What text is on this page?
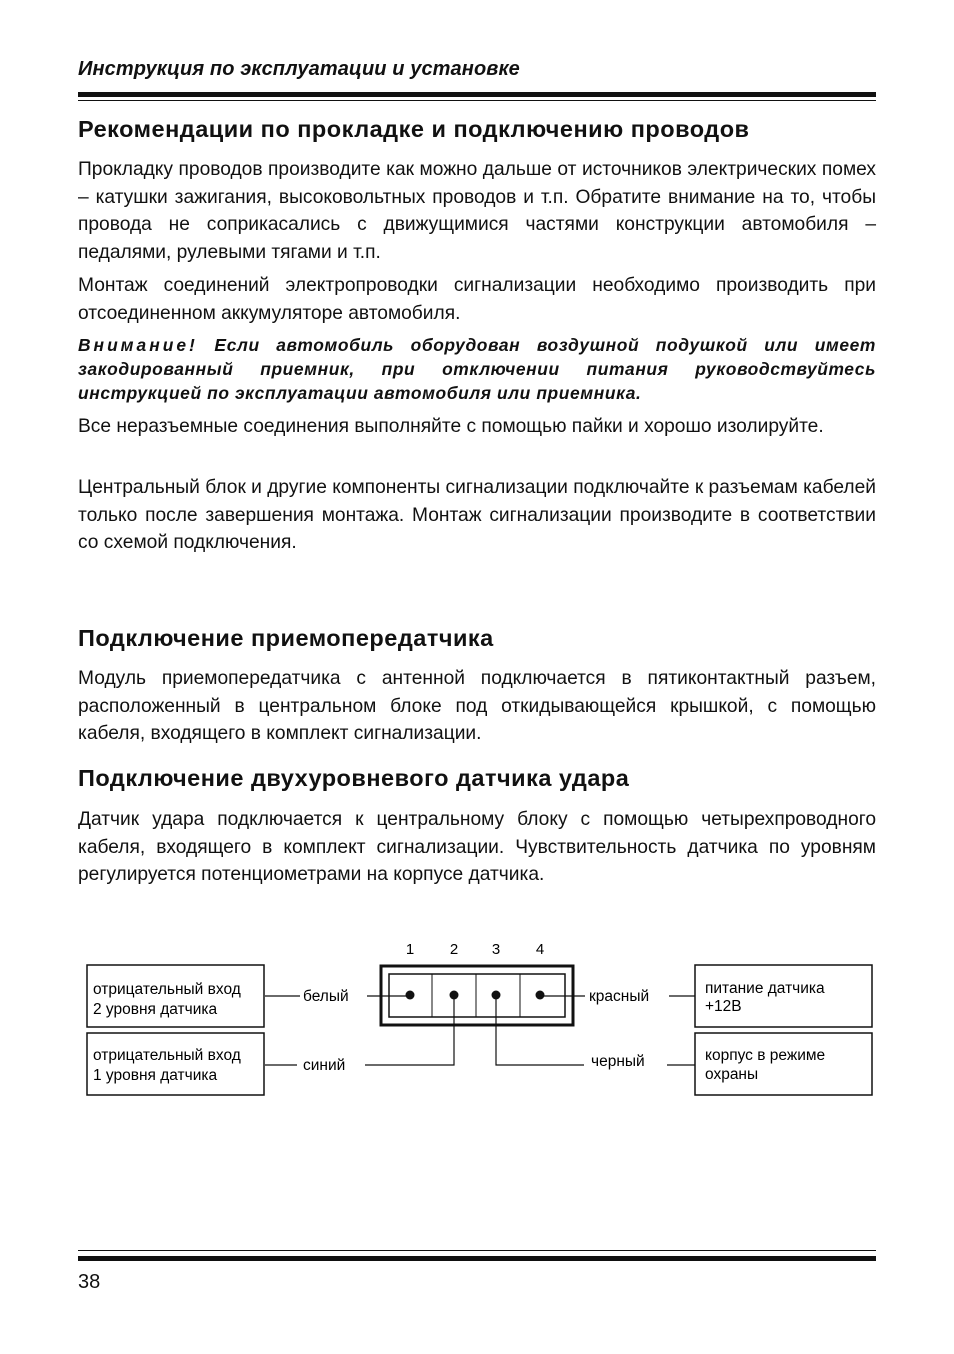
Инструкция по эксплуатации и установке
Рекомендации по прокладке и подключению проводов

Прокладку проводов производите как можно дальше от источников электрических помех – катушки зажигания, высоковольтных проводов и т.п. Обратите внимание на то, чтобы провода не соприкасались с движущимися частями конструкции автомобиля – педалями, рулевыми тягами и т.п.

Монтаж соединений электропроводки сигнализации необходимо производить при отсоединенном аккумуляторе автомобиля.

Внимание! Если автомобиль оборудован воздушной подушкой или имеет закодированный приемник, при отключении питания руководствуйтесь инструкцией по эксплуатации автомобиля или приемника.

Все неразъемные соединения выполняйте с помощью пайки и хорошо изолируйте.

Центральный блок и другие компоненты сигнализации подключайте к разъемам кабелей только после завершения монтажа. Монтаж сигнализации производите в соответствии со схемой подключения.

Подключение приемопередатчика

Модуль приемопередатчика с антенной подключается в пятиконтактный разъем, расположенный в центральном блоке под откидывающейся крышкой, с помощью кабеля, входящего в комплект сигнализации.

Подключение двухуровневого датчика удара

Датчик удара подключается к центральному блоку с помощью четырехпроводного кабеля, входящего в комплект сигнализации. Чувствительность датчика по уровням регулируется потенциометрами на корпусе датчика.

38
1 2 3 4
белый
синий
красный
черный
отрицательный вход
2 уровня датчика
отрицательный вход
1 уровня датчика
питание датчика
+12В
корпус в режиме
охраны
